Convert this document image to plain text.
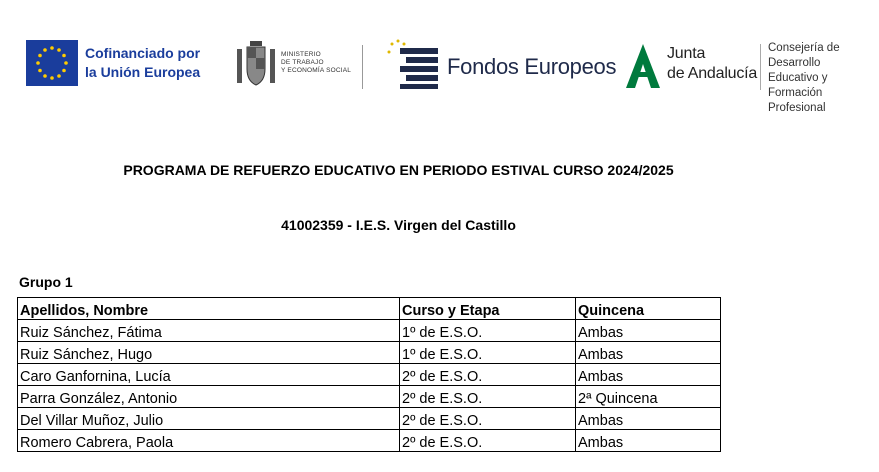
Cofinanciado por
la Unión Europea
MINISTERIO
DE TRABAJO
Y ECONOMÍA SOCIAL	Fondos Europeos
Junta
de Andalucía
Consejería de Desarrollo
Educativo y Formación
Profesional
PROGRAMA DE REFUERZO EDUCATIVO EN PERIODO ESTIVAL CURSO 2024/2025
41002359 - I.E.S. Virgen del Castillo
Grupo 1
Apellidos, Nombre	Curso y Etapa	Quincena
Ruiz Sánchez, Fátima	1º de E.S.O.	Ambas
Ruiz Sánchez, Hugo	1º de E.S.O.	Ambas
Caro Ganfornina, Lucía	2º de E.S.O.	Ambas
Parra González, Antonio	2º de E.S.O.	2ª Quincena
Del Villar Muñoz, Julio	2º de E.S.O.	Ambas
Romero Cabrera, Paola	2º de E.S.O.	Ambas
